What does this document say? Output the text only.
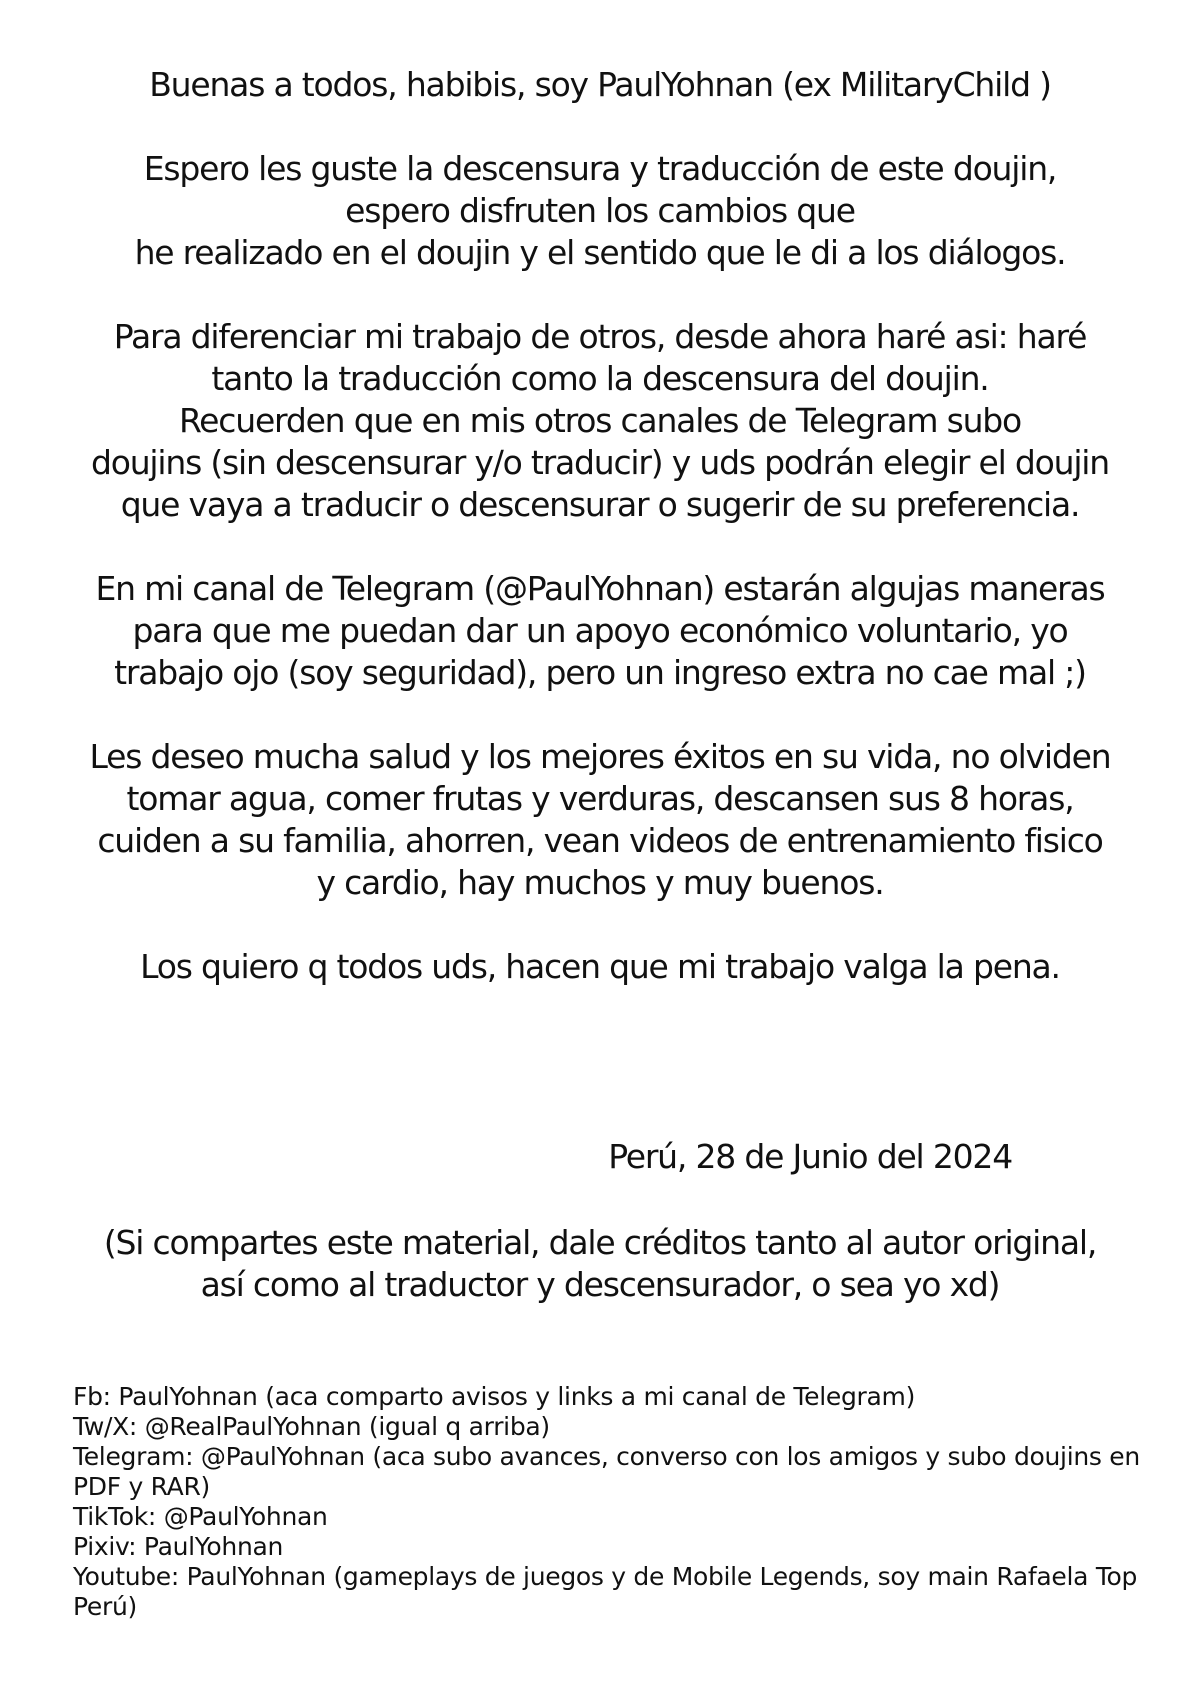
Buenas a todos, habibis, soy PaulYohnan (ex MilitaryChild )

Espero les guste la descensura y traducción de este doujin,
espero disfruten los cambios que
he realizado en el doujin y el sentido que le di a los diálogos.

Para diferenciar mi trabajo de otros, desde ahora haré asi: haré
tanto la traducción como la descensura del doujin.
Recuerden que en mis otros canales de Telegram subo
doujins (sin descensurar y/o traducir) y uds podrán elegir el doujin
que vaya a traducir o descensurar o sugerir de su preferencia.

En mi canal de Telegram (@PaulYohnan) estarán algujas maneras
para que me puedan dar un apoyo económico voluntario, yo
trabajo ojo (soy seguridad), pero un ingreso extra no cae mal ;)

Les deseo mucha salud y los mejores éxitos en su vida, no olviden
tomar agua, comer frutas y verduras, descansen sus 8 horas,
cuiden a su familia, ahorren, vean videos de entrenamiento fisico
y cardio, hay muchos y muy buenos.

Los quiero q todos uds, hacen que mi trabajo valga la pena.

Perú, 28 de Junio del 2024
(Si compartes este material, dale créditos tanto al autor original,
así como al traductor y descensurador, o sea yo xd)
Fb: PaulYohnan (aca comparto avisos y links a mi canal de Telegram)
Tw/X: @RealPaulYohnan (igual q arriba)
Telegram: @PaulYohnan (aca subo avances, converso con los amigos y subo doujins en PDF y RAR)
TikTok: @PaulYohnan
Pixiv: PaulYohnan
Youtube: PaulYohnan (gameplays de juegos y de Mobile Legends, soy main Rafaela Top Perú)
